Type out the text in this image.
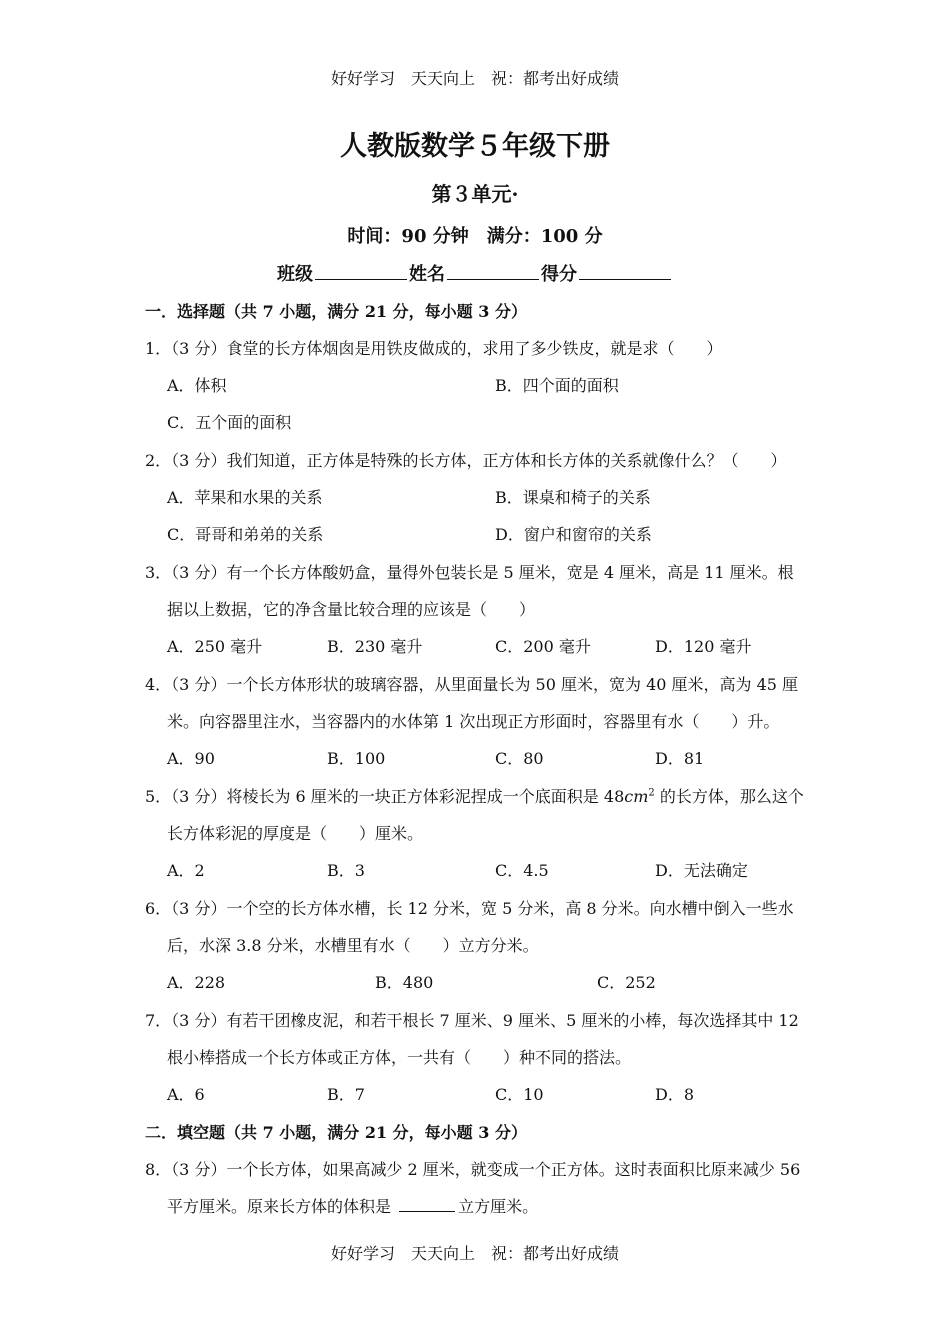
好好学习　天天向上　祝：都考出好成绩
人教版数学５年级下册
第３单元·
时间：90 分钟　满分：100 分
班级	姓名	得分
一．选择题（共 7 小题，满分 21 分，每小题 3 分）
1．（3 分）食堂的长方体烟囱是用铁皮做成的，求用了多少铁皮，就是求（　　）
A．体积	B．四个面的面积
C．五个面的面积
2．（3 分）我们知道，正方体是特殊的长方体，正方体和长方体的关系就像什么？（　　）
A．苹果和水果的关系	B．课桌和椅子的关系
C．哥哥和弟弟的关系	D．窗户和窗帘的关系
3．（3 分）有一个长方体酸奶盒，量得外包装长是 5 厘米，宽是 4 厘米，高是 11 厘米。根
据以上数据，它的净含量比较合理的应该是（　　）
A．250 毫升	B．230 毫升	C．200 毫升	D．120 毫升
4．（3 分）一个长方体形状的玻璃容器，从里面量长为 50 厘米，宽为 40 厘米，高为 45 厘
米。向容器里注水，当容器内的水体第 1 次出现正方形面时，容器里有水（　　）升。
A．90	B．100	C．80	D．81
5．（3 分）将棱长为 6 厘米的一块正方体彩泥捏成一个底面积是 $48cm^2$ 的长方体，那么这个
长方体彩泥的厚度是（　　）厘米。
A．2	B．3	C．4.5	D．无法确定
6．（3 分）一个空的长方体水槽，长 12 分米，宽 5 分米，高 8 分米。向水槽中倒入一些水
后，水深 3.8 分米，水槽里有水（　　）立方分米。
A．228	B．480	C．252
7．（3 分）有若干团橡皮泥，和若干根长 7 厘米、9 厘米、5 厘米的小棒，每次选择其中 12
根小棒搭成一个长方体或正方体，一共有（　　）种不同的搭法。
A．6	B．7	C．10	D．8
二．填空题（共 7 小题，满分 21 分，每小题 3 分）
8．（3 分）一个长方体，如果高减少 2 厘米，就变成一个正方体。这时表面积比原来减少 56
平方厘米。原来长方体的体积是	立方厘米。
好好学习　天天向上　祝：都考出好成绩
